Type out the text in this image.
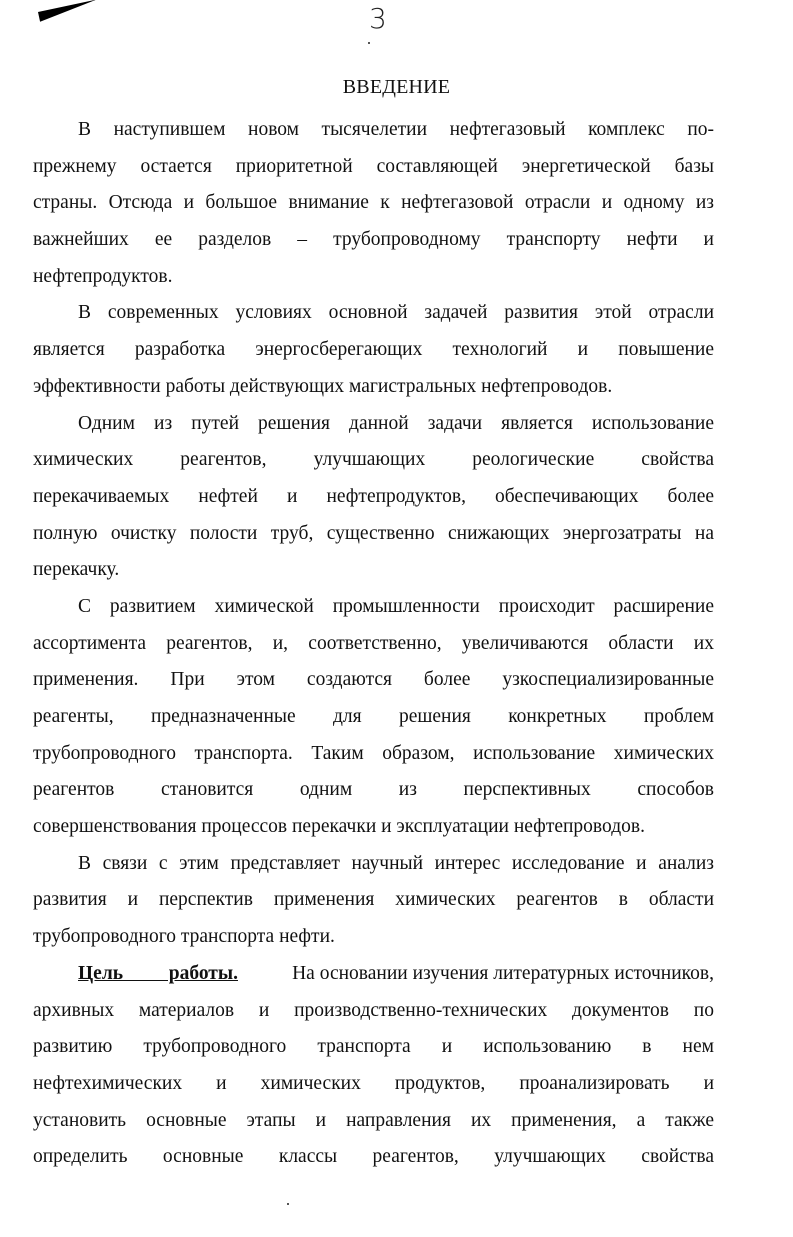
3
ВВЕДЕНИЕ
В наступившем новом тысячелетии нефтегазовый комплекс по-
прежнему остается приоритетной составляющей энергетической базы
страны. Отсюда и большое внимание к нефтегазовой отрасли и одному из
важнейших ее разделов – трубопроводному транспорту нефти и
нефтепродуктов.
В современных условиях основной задачей развития этой отрасли
является разработка энергосберегающих технологий и повышение
эффективности работы действующих магистральных нефтепроводов.
Одним из путей решения данной задачи является использование
химических реагентов, улучшающих реологические свойства
перекачиваемых нефтей и нефтепродуктов, обеспечивающих более
полную очистку полости труб, существенно снижающих энергозатраты на
перекачку.
С развитием химической промышленности происходит расширение
ассортимента реагентов, и, соответственно, увеличиваются области их
применения. При этом создаются более узкоспециализированные
реагенты, предназначенные для решения конкретных проблем
трубопроводного транспорта. Таким образом, использование химических
реагентов становится одним из перспективных способов
совершенствования процессов перекачки и эксплуатации нефтепроводов.
В связи с этим представляет научный интерес исследование и анализ
развития и перспектив применения химических реагентов в области
трубопроводного транспорта нефти.
Цель работы.	На основании изучения литературных источников,
архивных материалов и производственно-технических документов по
развитию трубопроводного транспорта и использованию в нем
нефтехимических и химических продуктов, проанализировать и
установить основные этапы и направления их применения, а также
определить основные классы реагентов, улучшающих свойства
